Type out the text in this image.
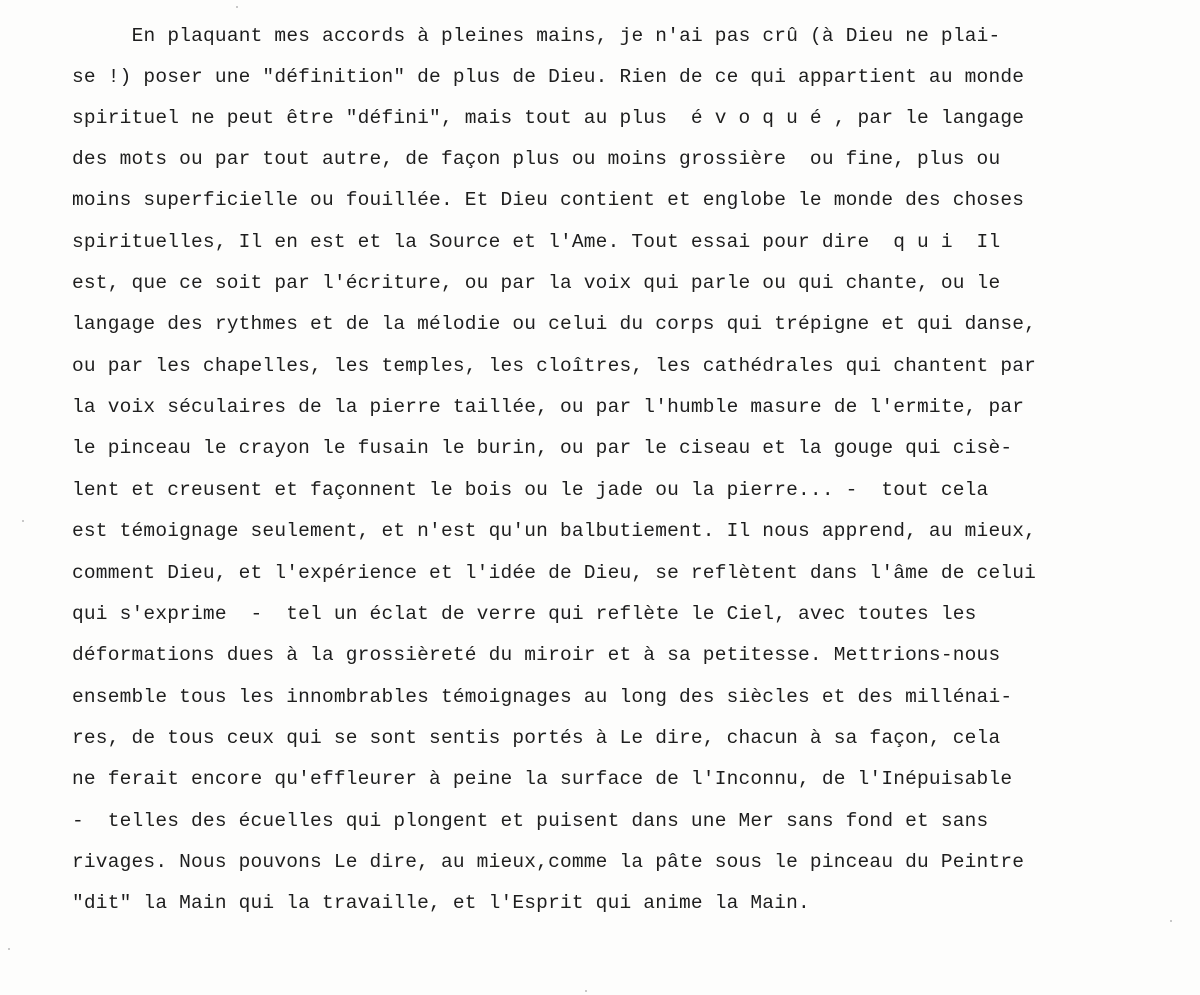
En plaquant mes accords à pleines mains, je n'ai pas crû (à Dieu ne plai-
se !) poser une "définition" de plus de Dieu. Rien de ce qui appartient au monde
spirituel ne peut être "défini", mais tout au plus  é v o q u é , par le langage
des mots ou par tout autre, de façon plus ou moins grossière  ou fine, plus ou
moins superficielle ou fouillée. Et Dieu contient et englobe le monde des choses
spirituelles, Il en est et la Source et l'Ame. Tout essai pour dire  q u i  Il
est, que ce soit par l'écriture, ou par la voix qui parle ou qui chante, ou le
langage des rythmes et de la mélodie ou celui du corps qui trépigne et qui danse,
ou par les chapelles, les temples, les cloîtres, les cathédrales qui chantent par
la voix séculaires de la pierre taillée, ou par l'humble masure de l'ermite, par
le pinceau le crayon le fusain le burin, ou par le ciseau et la gouge qui cisè-
lent et creusent et façonnent le bois ou le jade ou la pierre... -  tout cela
est témoignage seulement, et n'est qu'un balbutiement. Il nous apprend, au mieux,
comment Dieu, et l'expérience et l'idée de Dieu, se reflètent dans l'âme de celui
qui s'exprime  -  tel un éclat de verre qui reflète le Ciel, avec toutes les
déformations dues à la grossièreté du miroir et à sa petitesse. Mettrions-nous
ensemble tous les innombrables témoignages au long des siècles et des millénai-
res, de tous ceux qui se sont sentis portés à Le dire, chacun à sa façon, cela
ne ferait encore qu'effleurer à peine la surface de l'Inconnu, de l'Inépuisable
-  telles des écuelles qui plongent et puisent dans une Mer sans fond et sans
rivages. Nous pouvons Le dire, au mieux,comme la pâte sous le pinceau du Peintre
"dit" la Main qui la travaille, et l'Esprit qui anime la Main.
